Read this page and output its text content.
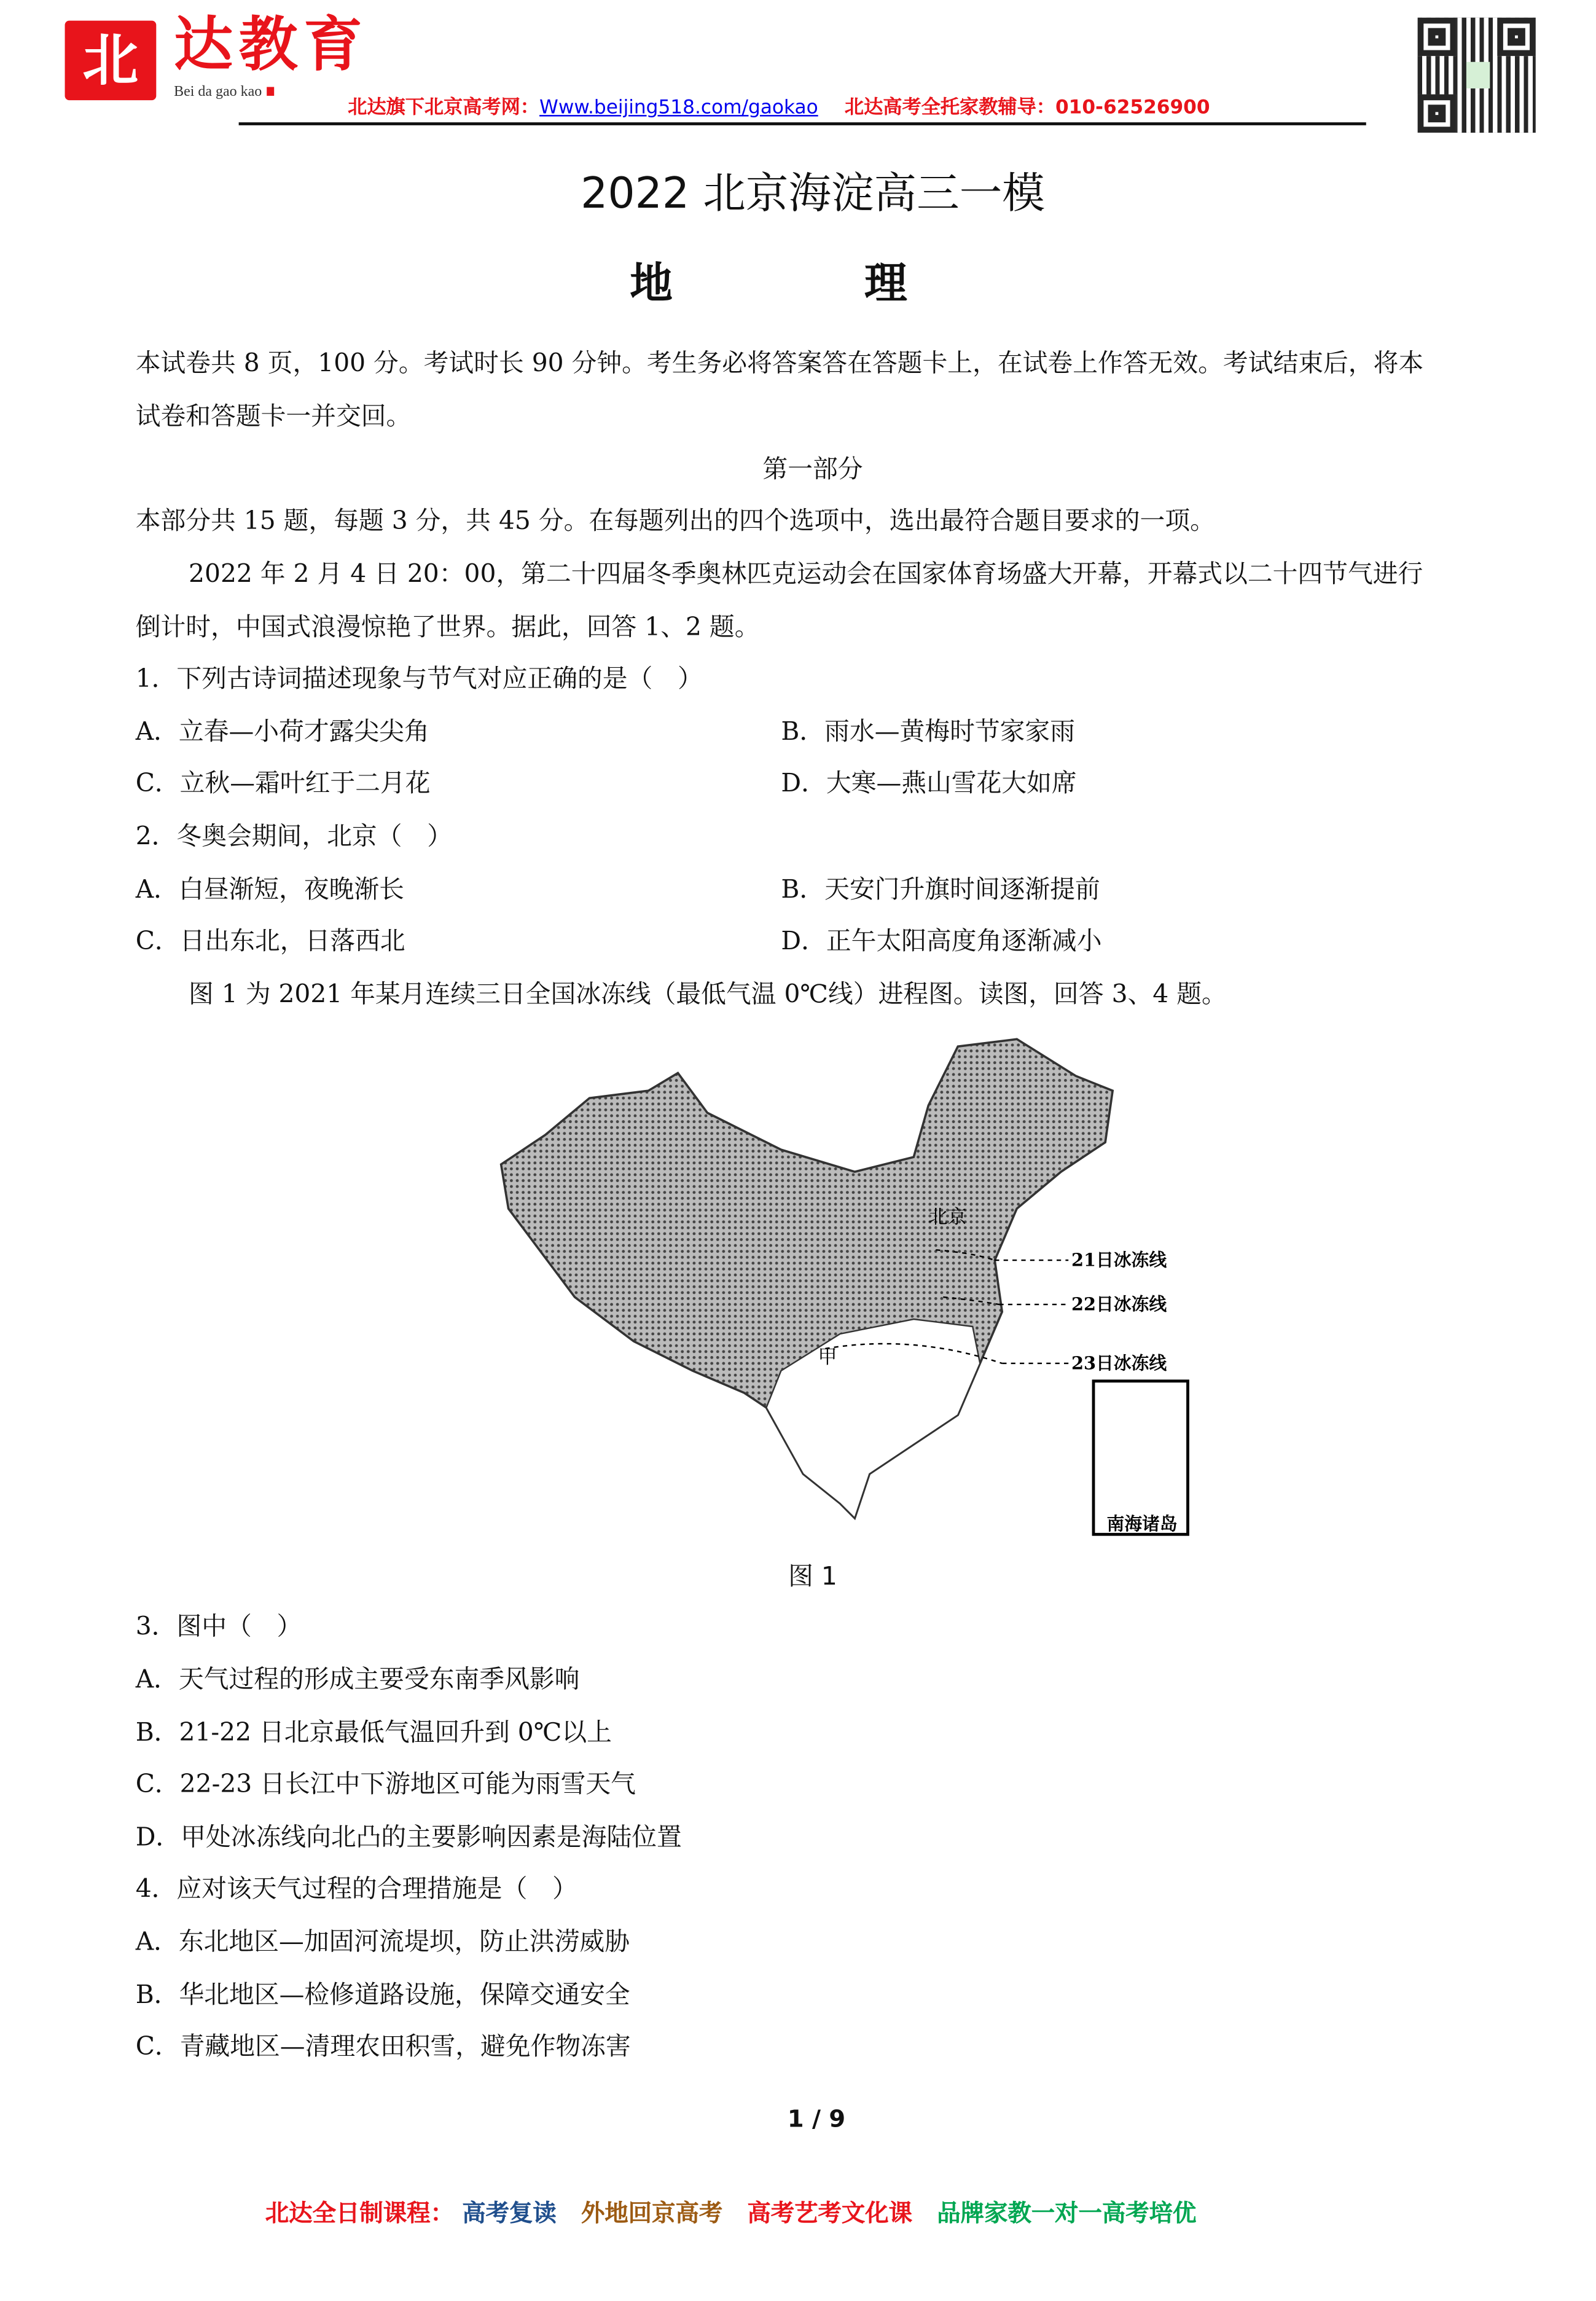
北	达教育
Bei da gao kao
北达旗下北京高考网：Www.beijing518.com/gaokao	北达高考全托家教辅导：010-62526900
2022 北京海淀高三一模
地 理
本试卷共 8 页，100 分。考试时长 90 分钟。考生务必将答案答在答题卡上，在试卷上作答无效。考试结束后，将本
试卷和答题卡一并交回。
第一部分
本部分共 15 题，每题 3 分，共 45 分。在每题列出的四个选项中，选出最符合题目要求的一项。
2022 年 2 月 4 日 20：00，第二十四届冬季奥林匹克运动会在国家体育场盛大开幕，开幕式以二十四节气进行
倒计时，中国式浪漫惊艳了世界。据此，回答 1、2 题。
1．下列古诗词描述现象与节气对应正确的是（　）
A．立春—小荷才露尖尖角	B．雨水—黄梅时节家家雨
C．立秋—霜叶红于二月花	D．大寒—燕山雪花大如席
2．冬奥会期间，北京（　）
A．白昼渐短，夜晚渐长	B．天安门升旗时间逐渐提前
C．日出东北，日落西北	D．正午太阳高度角逐渐减小
图 1 为 2021 年某月连续三日全国冰冻线（最低气温 0℃线）进程图。读图，回答 3、4 题。
北京
21日冰冻线
22日冰冻线
23日冰冻线
甲
南海诸岛
图 1
3．图中（　）
A．天气过程的形成主要受东南季风影响
B．21-22 日北京最低气温回升到 0℃以上
C．22-23 日长江中下游地区可能为雨雪天气
D．甲处冰冻线向北凸的主要影响因素是海陆位置
4．应对该天气过程的合理措施是（　）
A．东北地区—加固河流堤坝，防止洪涝威胁
B．华北地区—检修道路设施，保障交通安全
C．青藏地区—清理农田积雪，避免作物冻害
1 / 9
北达全日制课程： 高考复读	外地回京高考	高考艺考文化课	品牌家教一对一高考培优
